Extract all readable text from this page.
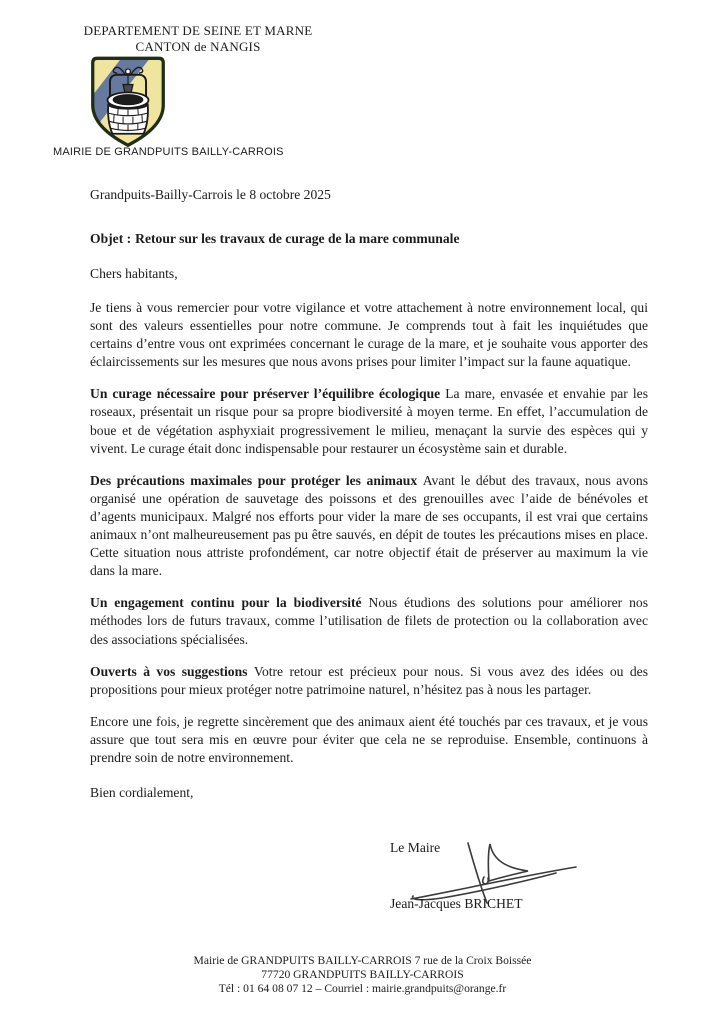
DEPARTEMENT DE SEINE ET MARNE
CANTON de NANGIS
MAIRIE DE GRANDPUITS BAILLY-CARROIS
Grandpuits-Bailly-Carrois le 8 octobre 2025
Objet : Retour sur les travaux de curage de la mare communale
Chers habitants,

Je tiens à vous remercier pour votre vigilance et votre attachement à notre environnement local, qui sont des valeurs essentielles pour notre commune. Je comprends tout à fait les inquiétudes que certains d’entre vous ont exprimées concernant le curage de la mare, et je souhaite vous apporter des éclaircissements sur les mesures que nous avons prises pour limiter l’impact sur la faune aquatique.

Un curage nécessaire pour préserver l’équilibre écologique La mare, envasée et envahie par les roseaux, présentait un risque pour sa propre biodiversité à moyen terme. En effet, l’accumulation de boue et de végétation asphyxiait progressivement le milieu, menaçant la survie des espèces qui y vivent. Le curage était donc indispensable pour restaurer un écosystème sain et durable.

Des précautions maximales pour protéger les animaux Avant le début des travaux, nous avons organisé une opération de sauvetage des poissons et des grenouilles avec l’aide de bénévoles et d’agents municipaux. Malgré nos efforts pour vider la mare de ses occupants, il est vrai que certains animaux n’ont malheureusement pas pu être sauvés, en dépit de toutes les précautions mises en place. Cette situation nous attriste profondément, car notre objectif était de préserver au maximum la vie dans la mare.

Un engagement continu pour la biodiversité Nous étudions des solutions pour améliorer nos méthodes lors de futurs travaux, comme l’utilisation de filets de protection ou la collaboration avec des associations spécialisées.

Ouverts à vos suggestions Votre retour est précieux pour nous. Si vous avez des idées ou des propositions pour mieux protéger notre patrimoine naturel, n’hésitez pas à nous les partager.

Encore une fois, je regrette sincèrement que des animaux aient été touchés par ces travaux, et je vous assure que tout sera mis en œuvre pour éviter que cela ne se reproduise. Ensemble, continuons à prendre soin de notre environnement.

Bien cordialement,
Le Maire
Jean-Jacques BRICHET
Mairie de GRANDPUITS BAILLY-CARROIS 7 rue de la Croix Boissée
77720 GRANDPUITS BAILLY-CARROIS
Tél : 01 64 08 07 12 – Courriel : mairie.grandpuits@orange.fr
